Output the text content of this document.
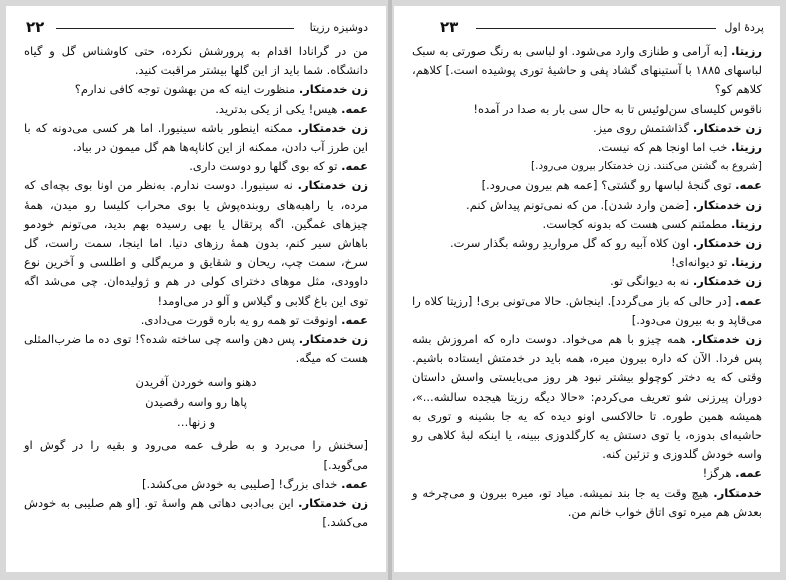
۲۲	دوشیزه رزیتا

من در گرانادا اقدام به پرورشش نکرده، حتی کاوشناس گل و گیاه دانشگاه. شما باید از این گلها بیشتر مراقبت کنید.

زن خدمتکار. منظورت اینه که من بهشون توجه کافی ندارم؟

عمه. هیس! یکی از یکی بدترید.

زن خدمتکار. ممکنه اینطور باشه سینیورا. اما هر کسی می‌دونه که با این طرز آب دادن، ممکنه از این کاناپه‌ها هم گل میمون در بیاد.

عمه. تو که بوی گلها رو دوست داری.

زن خدمتکار. نه سینیورا. دوست ندارم. به‌نظر من اونا بوی بچه‌ای که مرده، یا راهبه‌های روبنده‌پوش یا بوی محراب کلیسا رو میدن، همهٔ چیزهای غمگین. اگه پرتقال یا بهی رسیده بهم بدید، می‌تونم خودمو باهاش سیر کنم، بدون همهٔ رزهای دنیا. اما اینجا، سمت راست، گل سرخ، سمت چپ، ریحان و شقایق و مریم‌گلی و اطلسی و آخرین نوع داوودی، مثل موهای دخترای کولی در هم و ژولیده‌ان. چی می‌شد اگه توی این باغ گلابی و گیلاس و آلو در می‌اومد!

عمه. اونوقت تو همه رو یه باره قورت می‌دادی.

زن خدمتکار. پس دهن واسه چی ساخته شده؟! توی ده ما ضرب‌المثلی هست که میگه.

دهنو واسه خوردن آفریدن
پاها رو واسه رقصیدن
و زنها…

[سخنش را می‌برد و به طرف عمه می‌رود و بقیه را در گوش او می‌گوید.]

عمه. خدای بزرگ! [صلیبی به خودش می‌کشد.]

زن خدمتکار. این بی‌ادبی دهاتی هم واسهٔ تو. [او هم صلیبی به خودش می‌کشد.]

۲۳	پردهٔ اول

رزیتا. [به آرامی و طنازی وارد می‌شود. او لباسی به رنگ صورتی به سبک لباسهای ۱۸۸۵ با آستینهای گشاد پفی و حاشیهٔ توری پوشیده است.] کلاهم، کلاهم کو؟

ناقوس کلیسای سن‌لوئیس تا به حال سی بار به صدا در آمده!

زن خدمتکار. گذاشتمش روی میز.

رزیتا. خب اما اونجا هم که نیست.

[شروع به گشتن می‌کنند. زن خدمتکار بیرون می‌رود.]

عمه. توی گنجهٔ لباسها رو گشتی؟ [عمه هم بیرون می‌رود.]

زن خدمتکار. [ضمن وارد شدن]. من که نمی‌تونم پیداش کنم.

رزیتا. مطمئنم کسی هست که بدونه کجاست.

زن خدمتکار. اون کلاه آبیه رو که گل مرواریدِ روشه بگذار سرت.

رزیتا. تو دیوانه‌ای!

زن خدمتکار. نه به دیوانگی تو.

عمه. [در حالی که باز می‌گردد]. اینجاش. حالا می‌تونی بری! [رزیتا کلاه را می‌قاپد و به بیرون می‌دود.]

زن خدمتکار. همه چیزو با هم می‌خواد. دوست داره که امروزش بشه پس فردا. الآن که داره بیرون میره، همه باید در خدمتش ایستاده باشیم. وقتی که یه دختر کوچولو بیشتر نبود هر روز می‌بایستی واسش داستان دوران پیرزنی شو تعریف می‌کردم: «حالا دیگه رزیتا هیجده سالشه...»، همیشه همین طوره. تا حالاکسی اونو دیده که یه جا بشینه و توری به حاشیه‌ای بدوزه، یا توی دستش یه کارگلدوزی ببینه، یا اینکه لبهٔ کلاهی رو واسه خودش گلدوزی و تزئین کنه.

عمه. هرگز!

خدمتکار. هیچ وقت یه جا بند نمیشه. میاد تو، میره بیرون و می‌چرخه و بعدش هم میره توی اتاق خواب خانم من.
